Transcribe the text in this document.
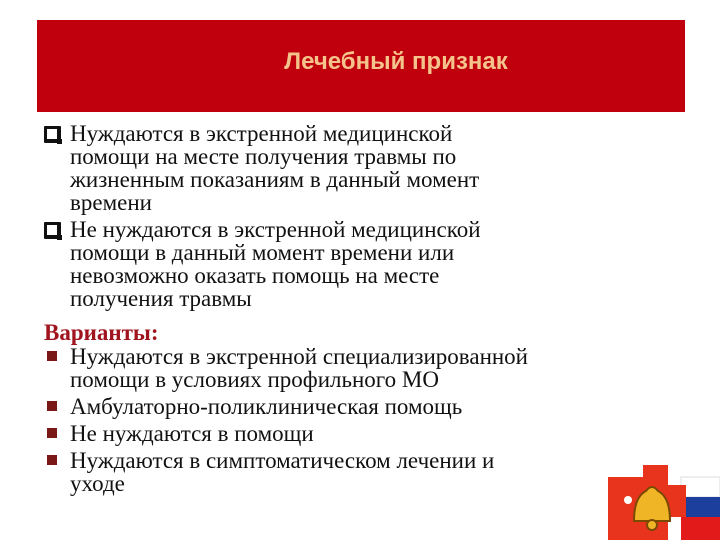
Лечебный признак
Нуждаются в экстренной медицинской
помощи на месте получения травмы по
жизненным показаниям в данный момент
времени
Не нуждаются в экстренной медицинской
помощи в данный момент времени или
невозможно оказать помощь на месте
получения травмы
Варианты:
Нуждаются в экстренной специализированной
помощи в условиях профильного МО
Амбулаторно-поликлиническая помощь
Не нуждаются в помощи
Нуждаются в симптоматическом лечении и
уходе
